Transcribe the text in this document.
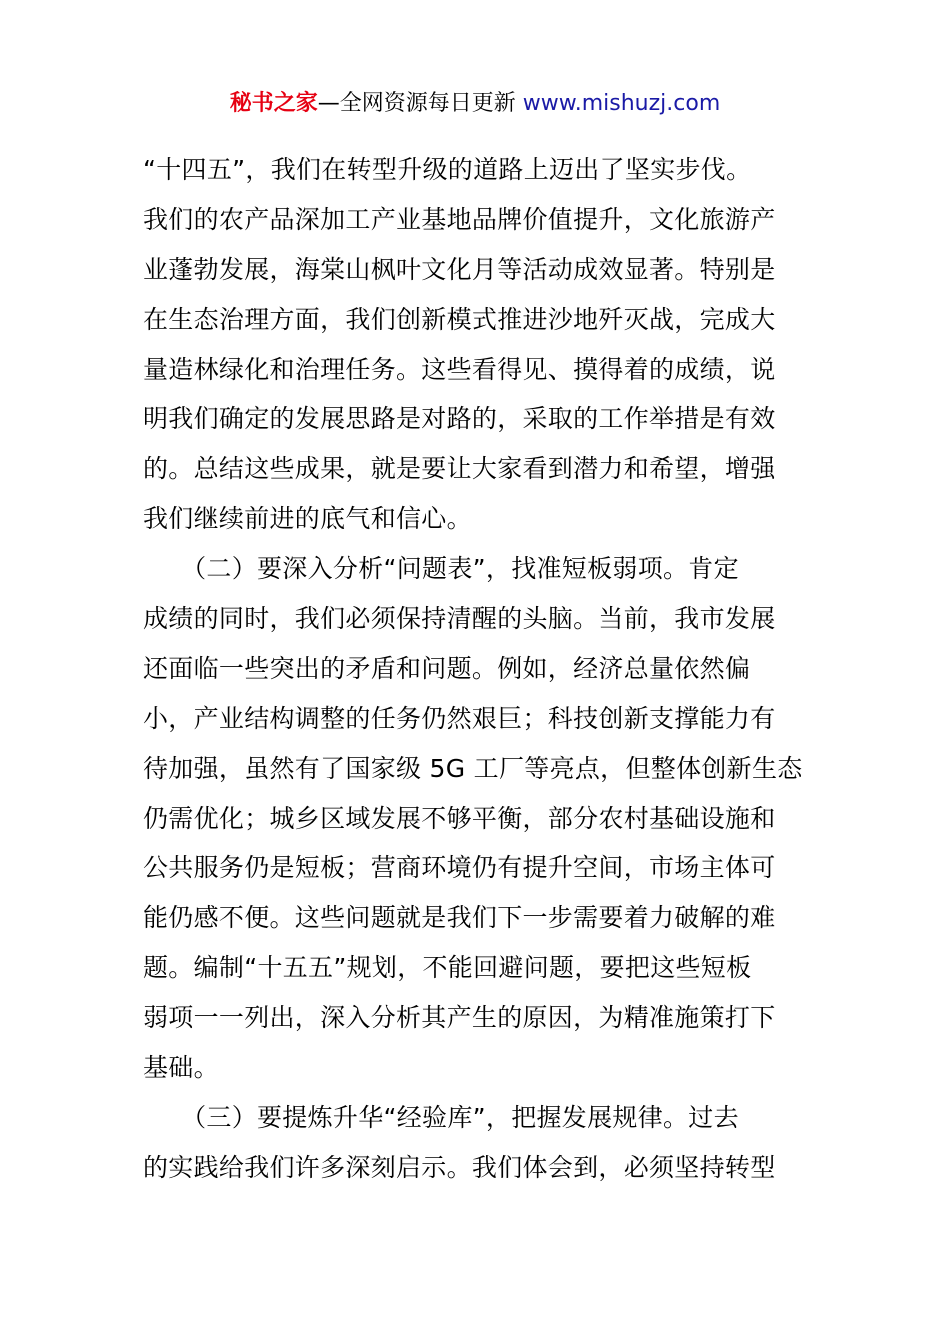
秘书之家—全网资源每日更新 www.mishuzj.com
“十四五”，我们在转型升级的道路上迈出了坚实步伐。
我们的农产品深加工产业基地品牌价值提升，文化旅游产
业蓬勃发展，海棠山枫叶文化月等活动成效显著。特别是
在生态治理方面，我们创新模式推进沙地歼灭战，完成大
量造林绿化和治理任务。这些看得见、摸得着的成绩，说
明我们确定的发展思路是对路的，采取的工作举措是有效
的。总结这些成果，就是要让大家看到潜力和希望，增强
我们继续前进的底气和信心。
　　（二）要深入分析“问题表”，找准短板弱项。肯定
成绩的同时，我们必须保持清醒的头脑。当前，我市发展
还面临一些突出的矛盾和问题。例如，经济总量依然偏
小，产业结构调整的任务仍然艰巨；科技创新支撑能力有
待加强，虽然有了国家级 5G 工厂等亮点，但整体创新生态
仍需优化；城乡区域发展不够平衡，部分农村基础设施和
公共服务仍是短板；营商环境仍有提升空间，市场主体可
能仍感不便。这些问题就是我们下一步需要着力破解的难
题。编制“十五五”规划，不能回避问题，要把这些短板
弱项一一列出，深入分析其产生的原因，为精准施策打下
基础。
　　（三）要提炼升华“经验库”，把握发展规律。过去
的实践给我们许多深刻启示。我们体会到，必须坚持转型
